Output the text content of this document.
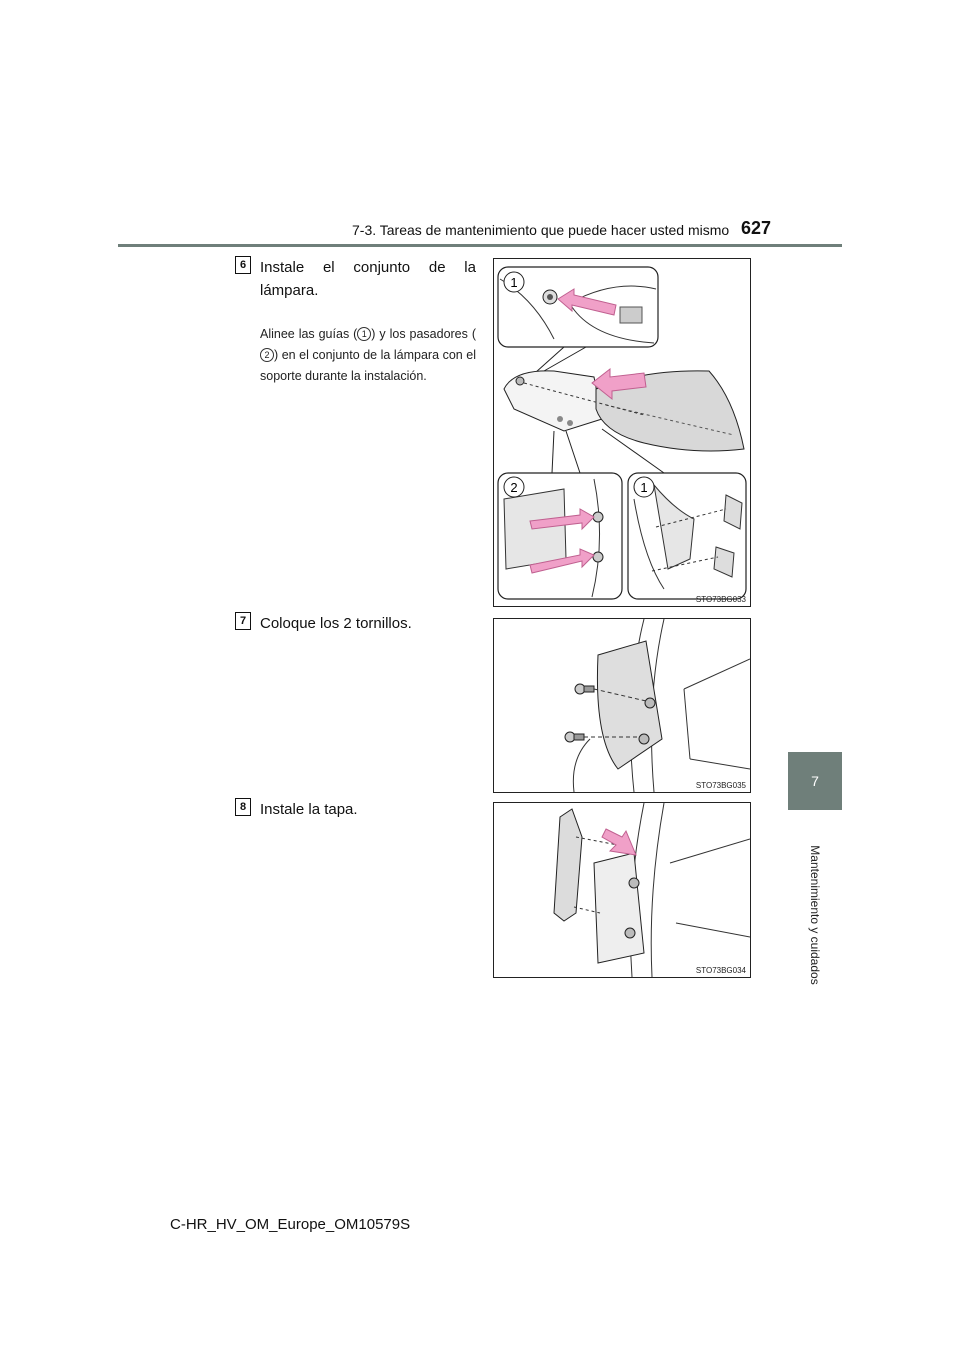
7-3. Tareas de mantenimiento que puede hacer usted mismo 627
7
Mantenimiento y cuidados
6 Instale el conjunto de la lámpara.
Alinee las guías ( 1 ) y los pasadores (2 ) en el conjunto de la lámpara con el soporte durante la instalación.
1
2	1
STO73BG033
7 Coloque los 2 tornillos.
STO73BG035
8 Instale la tapa.
STO73BG034
C-HR_HV_OM_Europe_OM10579S
